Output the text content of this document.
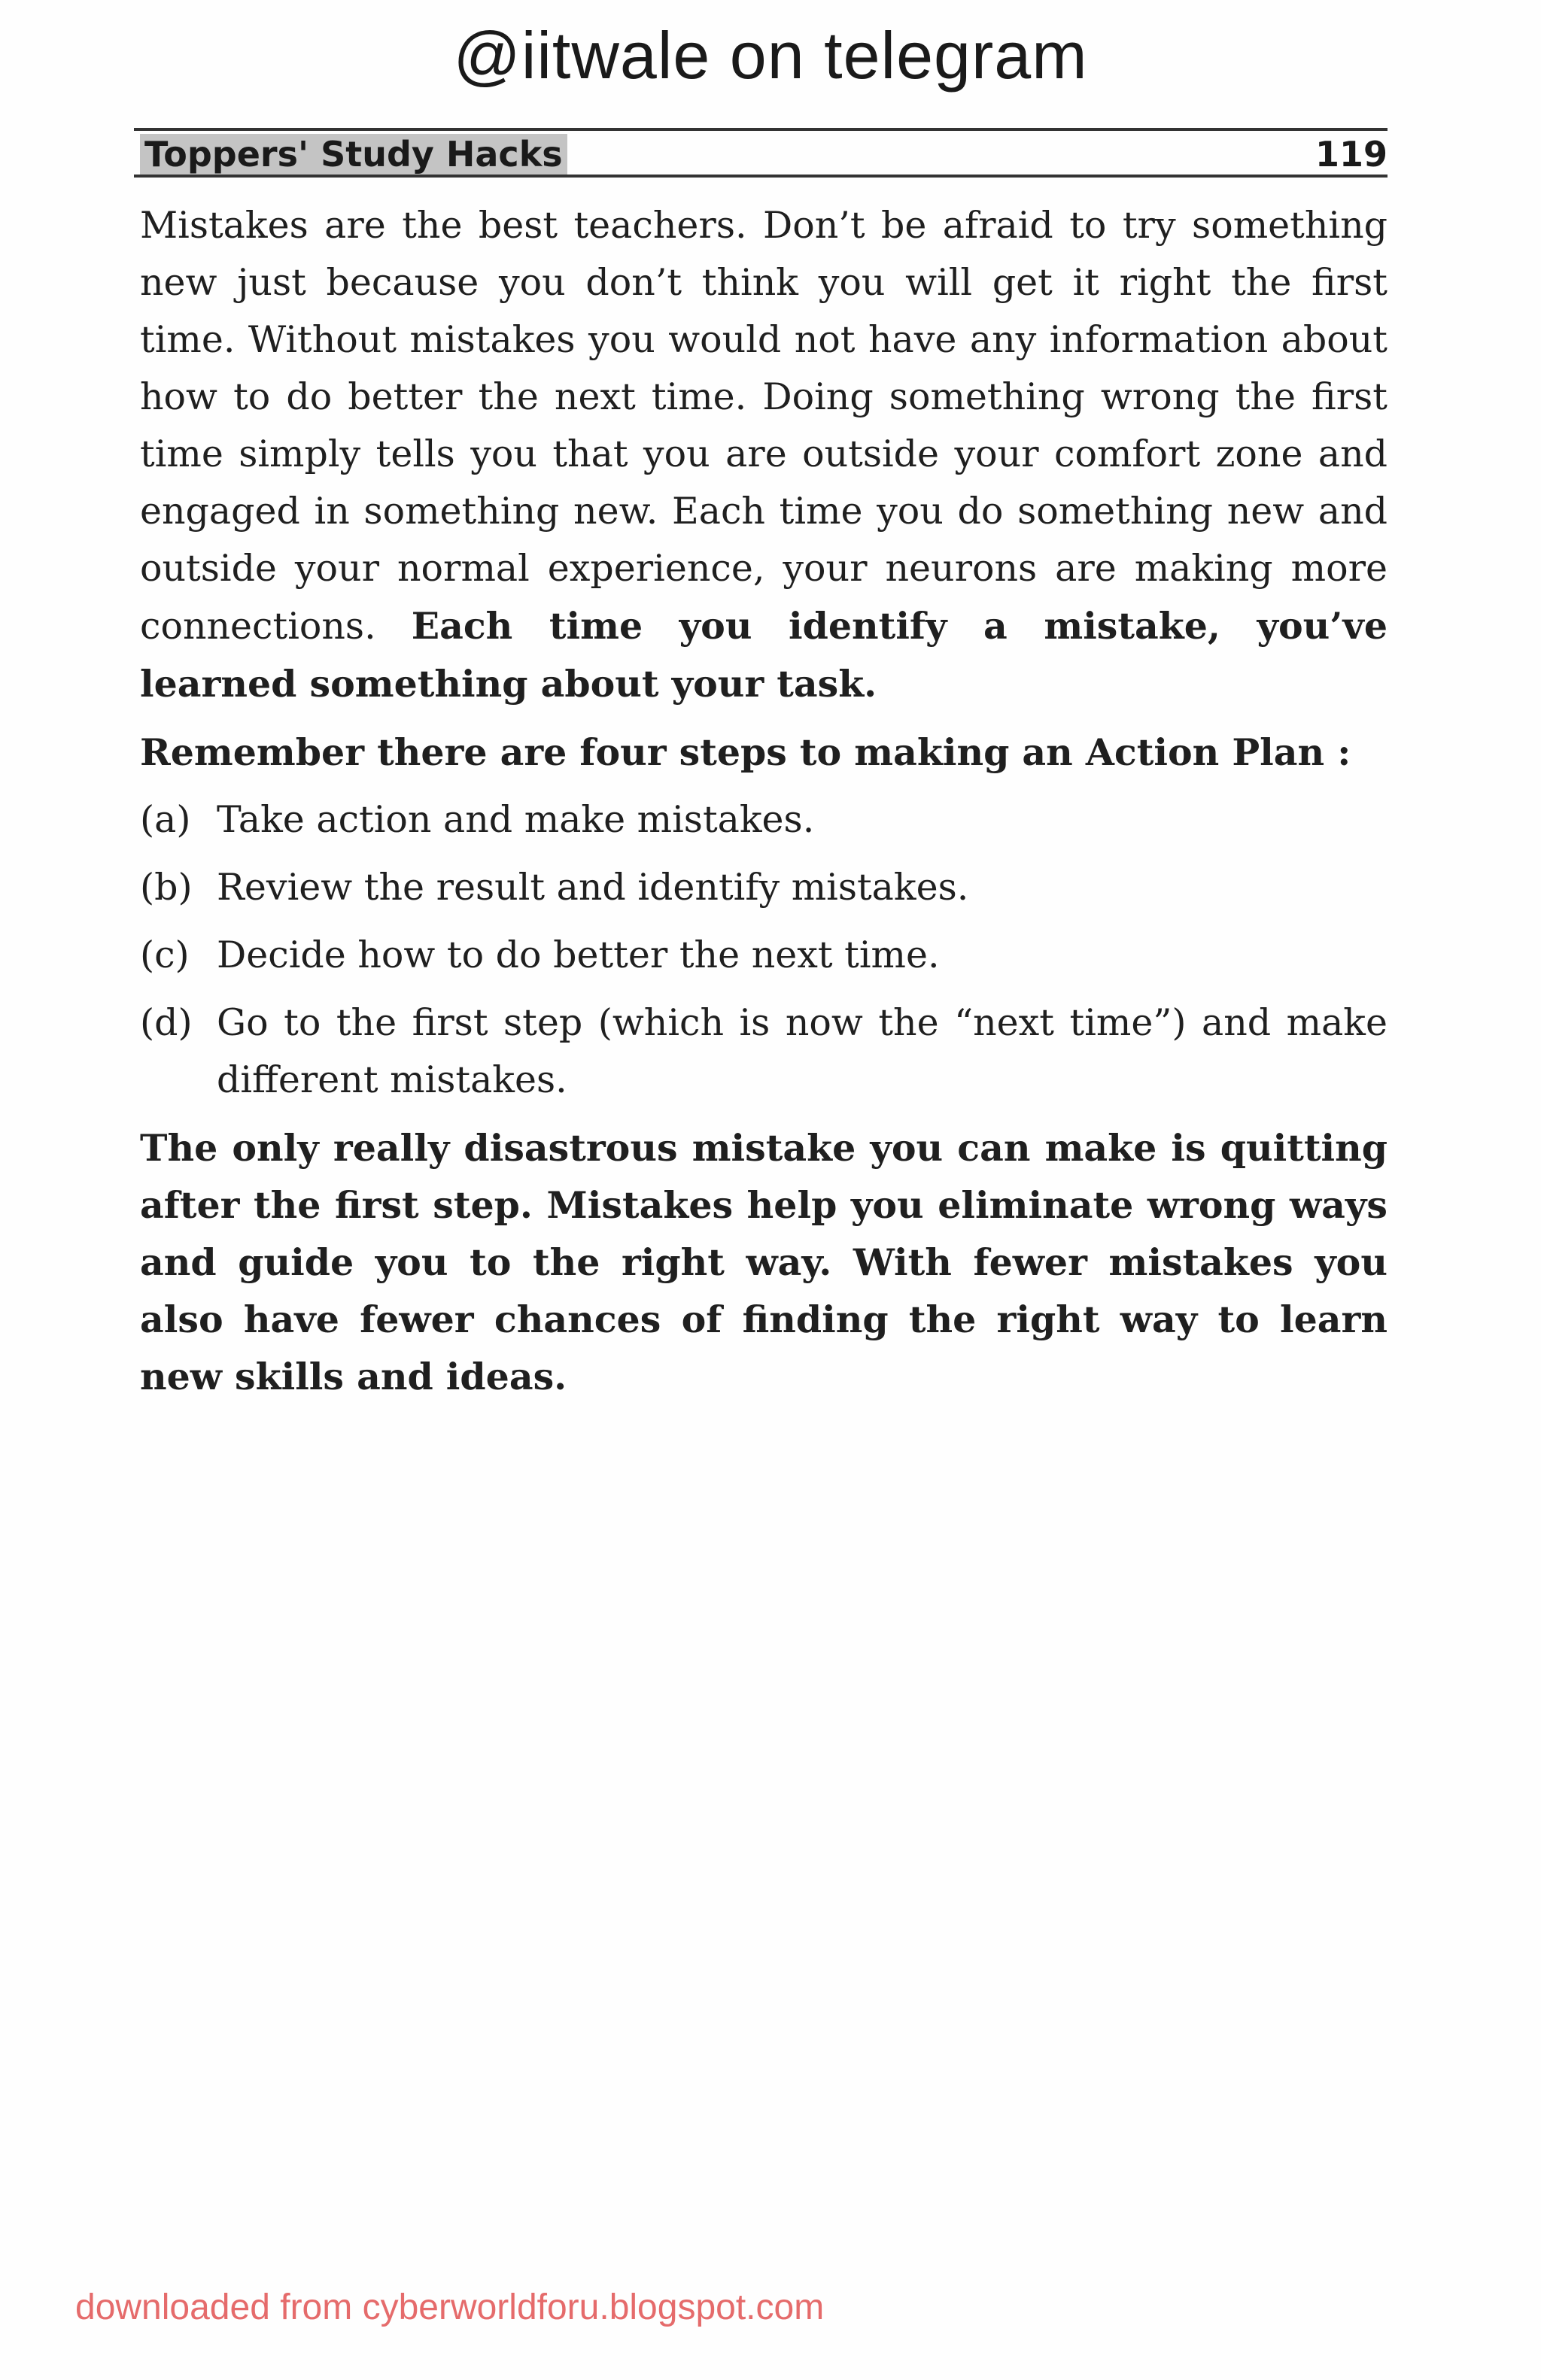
@iitwale on telegram
Toppers' Study Hacks	119

Mistakes are the best teachers. Don’t be afraid to try something new just because you don’t think you will get it right the first time. Without mistakes you would not have any information about how to do better the next time. Doing something wrong the first time simply tells you that you are outside your comfort zone and engaged in something new. Each time you do something new and outside your normal experience, your neurons are making more connections. Each time you identify a mistake, you’ve learned something about your task.

Remember there are four steps to making an Action Plan :

(a) Take action and make mistakes.
(b) Review the result and identify mistakes.
(c) Decide how to do better the next time.
(d) Go to the first step (which is now the “next time”) and make different mistakes.

The only really disastrous mistake you can make is quitting after the first step. Mistakes help you eliminate wrong ways and guide you to the right way. With fewer mistakes you also have fewer chances of finding the right way to learn new skills and ideas.

downloaded from cyberworldforu.blogspot.com
